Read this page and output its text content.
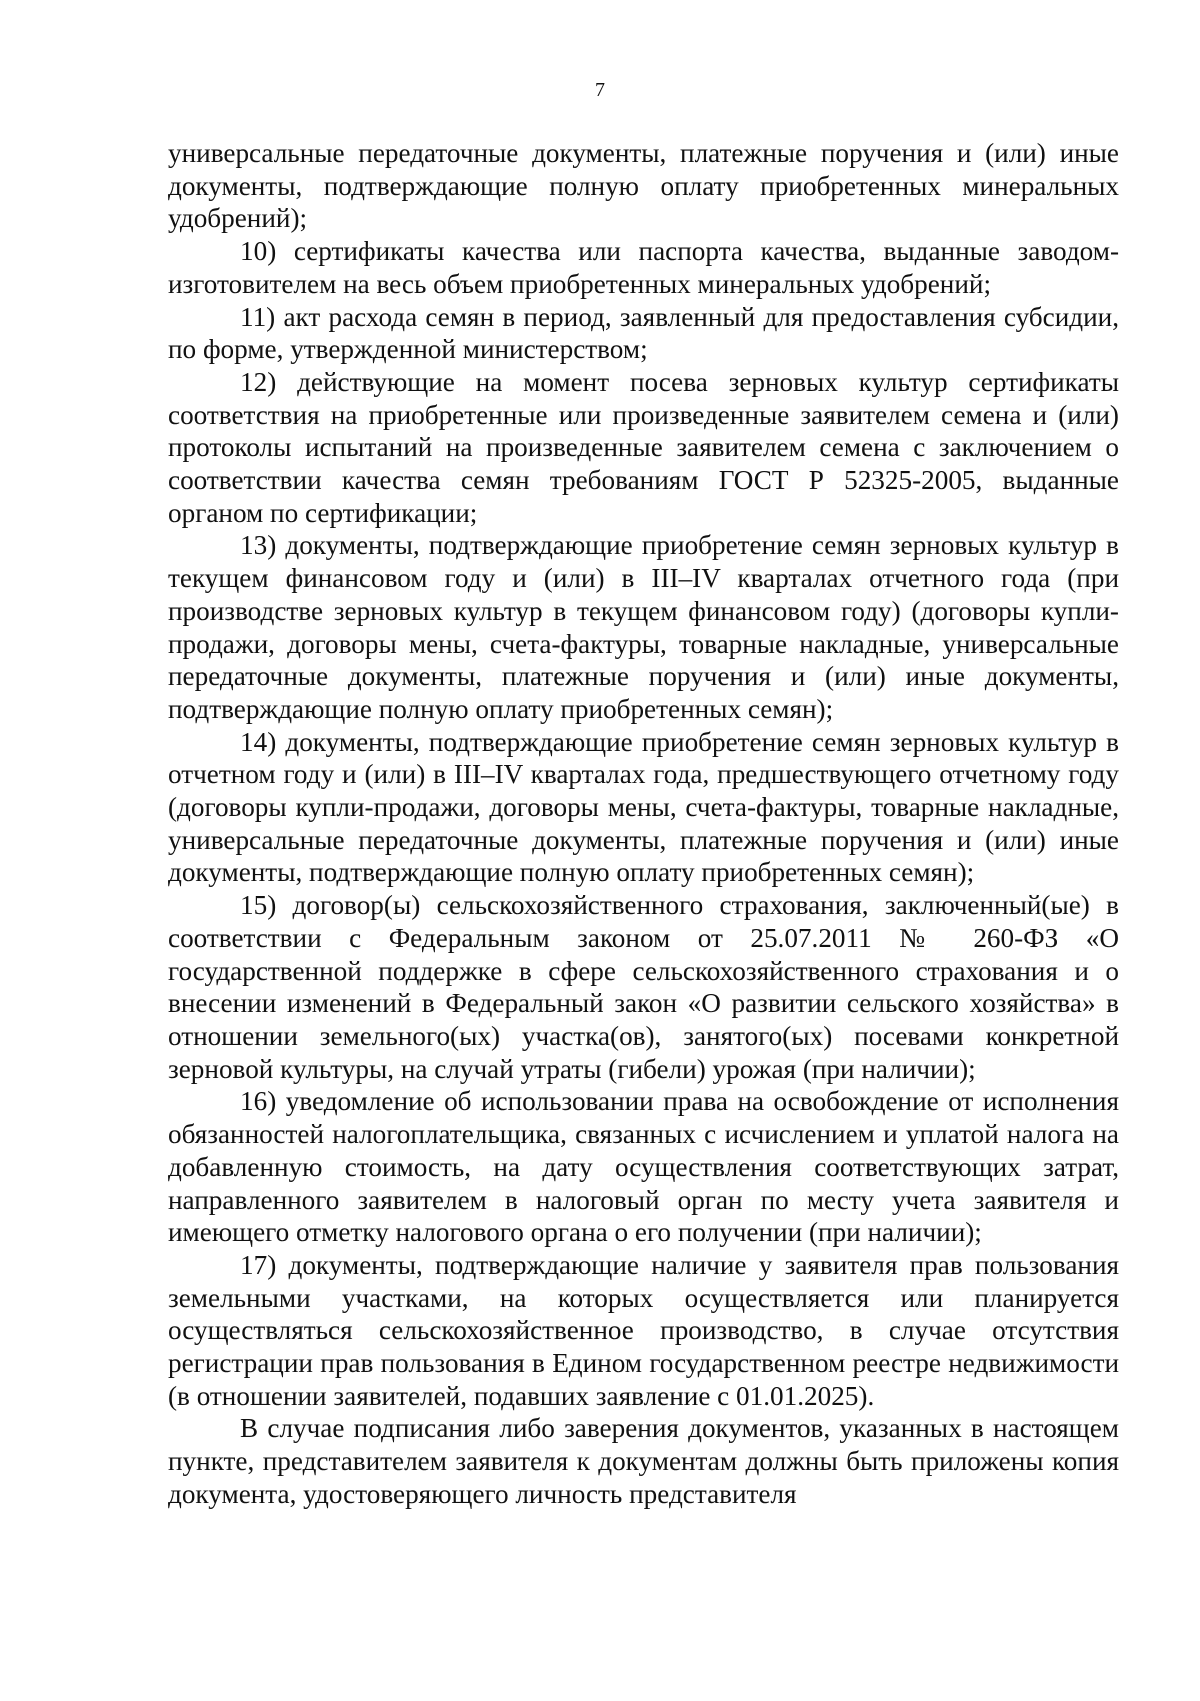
7

универсальные передаточные документы, платежные поручения и (или) иные документы, подтверждающие полную оплату приобретенных минеральных удобрений);

10) сертификаты качества или паспорта качества, выданные заводом-изготовителем на весь объем приобретенных минеральных удобрений;

11) акт расхода семян в период, заявленный для предоставления субсидии, по форме, утвержденной министерством;

12) действующие на момент посева зерновых культур сертификаты соответствия на приобретенные или произведенные заявителем семена и (или) протоколы испытаний на произведенные заявителем семена с заключением о соответствии качества семян требованиям ГОСТ Р 52325-2005, выданные органом по сертификации;

13) документы, подтверждающие приобретение семян зерновых культур в текущем финансовом году и (или) в III–IV кварталах отчетного года (при производстве зерновых культур в текущем финансовом году) (договоры купли-продажи, договоры мены, счета-фактуры, товарные накладные, универсальные передаточные документы, платежные поручения и (или) иные документы, подтверждающие полную оплату приобретенных семян);

14) документы, подтверждающие приобретение семян зерновых культур в отчетном году и (или) в III–IV кварталах года, предшествующего отчетному году (договоры купли-продажи, договоры мены, счета-фактуры, товарные накладные, универсальные передаточные документы, платежные поручения и (или) иные документы, подтверждающие полную оплату приобретенных семян);

15) договор(ы) сельскохозяйственного страхования, заключенный(ые) в соответствии с Федеральным законом от 25.07.2011 № 260-ФЗ «О государственной поддержке в сфере сельскохозяйственного страхования и о внесении изменений в Федеральный закон «О развитии сельского хозяйства» в отношении земельного(ых) участка(ов), занятого(ых) посевами конкретной зерновой культуры, на случай утраты (гибели) урожая (при наличии);

16) уведомление об использовании права на освобождение от исполнения обязанностей налогоплательщика, связанных с исчислением и уплатой налога на добавленную стоимость, на дату осуществления соответствующих затрат, направленного заявителем в налоговый орган по месту учета заявителя и имеющего отметку налогового органа о его получении (при наличии);

17) документы, подтверждающие наличие у заявителя прав пользования земельными участками, на которых осуществляется или планируется осуществляться сельскохозяйственное производство, в случае отсутствия регистрации прав пользования в Едином государственном реестре недвижимости (в отношении заявителей, подавших заявление с 01.01.2025).

В случае подписания либо заверения документов, указанных в настоящем пункте, представителем заявителя к документам должны быть приложены копия документа, удостоверяющего личность представителя
